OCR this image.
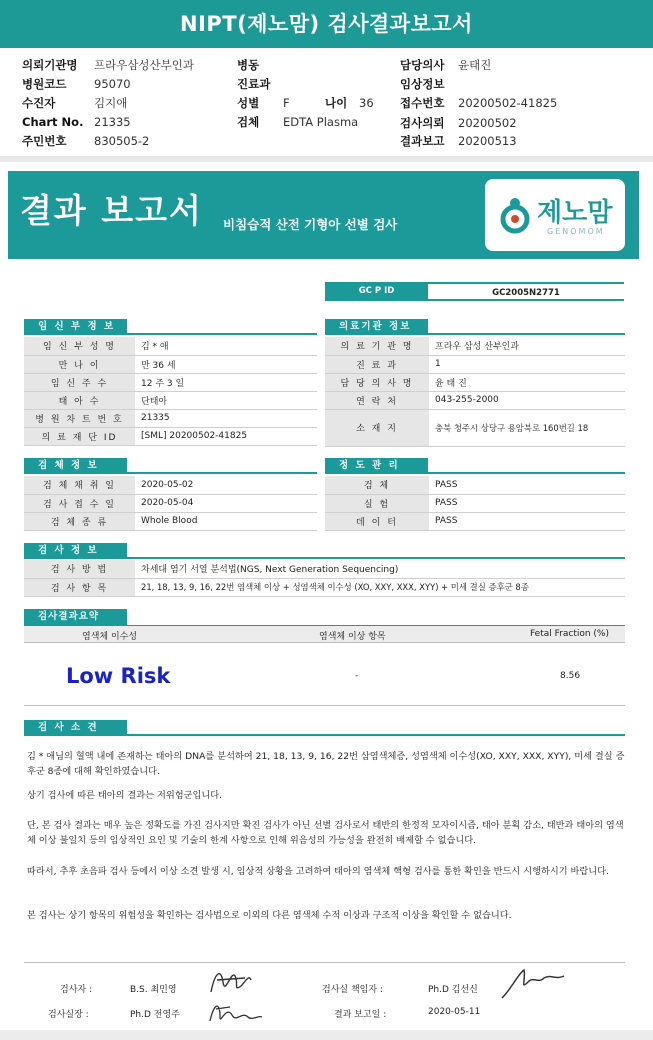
NIPT(제노맘) 검사결과보고서
의뢰기관명 프라우삼성산부인과
병원코드 95070
수진자	김지애
Chart No. 21335
주민번호 830505-2
병동
진료과
성별 F	나이 36
검체 EDTA Plasma
담당의사 윤태진
임상정보
접수번호 20200502-41825
검사의뢰 20200502
결과보고 20200513
결과 보고서 비침습적 산전 기형아 선별 검사	제노맘
GENOMOM
GC P ID	GC2005N2771
임 신 부 정 보
임 신 부 성 명	김 * 애
만 나 이	만 36 세
임 신 주 수	12 주 3 일
태 아 수	단태아
병 원 차 트 번 호	21335
의 료 재 단 ID	[SML] 20200502-41825
의료기관 정보
의 료 기 관 명	프라우 삼성 산부인과
진 료 과	1
담 당 의 사 명	윤 태 진
연 락 처	043-255-2000
소 재 지	충북 청주시 상당구 용암북로 160번길 18
검 체 정 보
검 체 채 취 일	2020-05-02
검 사 접 수 일	2020-05-04
검 체 종 류	Whole Blood
정 도 관 리
검 체	PASS
실 험	PASS
데 이 터	PASS
검 사 정 보
검 사 방 법	차세대 염기 서열 분석법(NGS, Next Generation Sequencing)
검 사 항 목	21, 18, 13, 9, 16, 22번 염색체 이상 + 성염색체 이수성 (XO, XXY, XXX, XYY) + 미세 결실 증후군 8종
검사결과요약
염색체 이수성	염색체 이상 항목	Fetal Fraction (%)
Low Risk	-	8.56
검 사 소 견
김 * 애님의 혈액 내에 존재하는 태아의 DNA를 분석하여 21, 18, 13, 9, 16, 22번 삼염색체증, 성염색체 이수성(XO, XXY, XXX, XYY), 미세 결실 증후군 8종에 대해 확인하였습니다.
상기 검사에 따른 태아의 결과는 저위험군입니다.
단, 본 검사 결과는 매우 높은 정확도를 가진 검사지만 확진 검사가 아닌 선별 검사로서 태반의 한정적 모자이시즘, 태아 분획 감소, 태반과 태아의 염색체 이상 불일치 등의 임상적인 요인 및 기술의 한계 사항으로 인해 위음성의 가능성을 완전히 배제할 수 없습니다.
따라서, 추후 초음파 검사 등에서 이상 소견 발생 시, 임상적 상황을 고려하여 태아의 염색체 핵형 검사를 통한 확인을 반드시 시행하시기 바랍니다.
본 검사는 상기 항목의 위험성을 확인하는 검사법으로 이외의 다른 염색체 수적 이상과 구조적 이상을 확인할 수 없습니다.
검사자 :	B.S. 최민영
검사실장 :	Ph.D 전영주
검사실 책임자 :	Ph.D 김선신
결과 보고일 :	2020-05-11
